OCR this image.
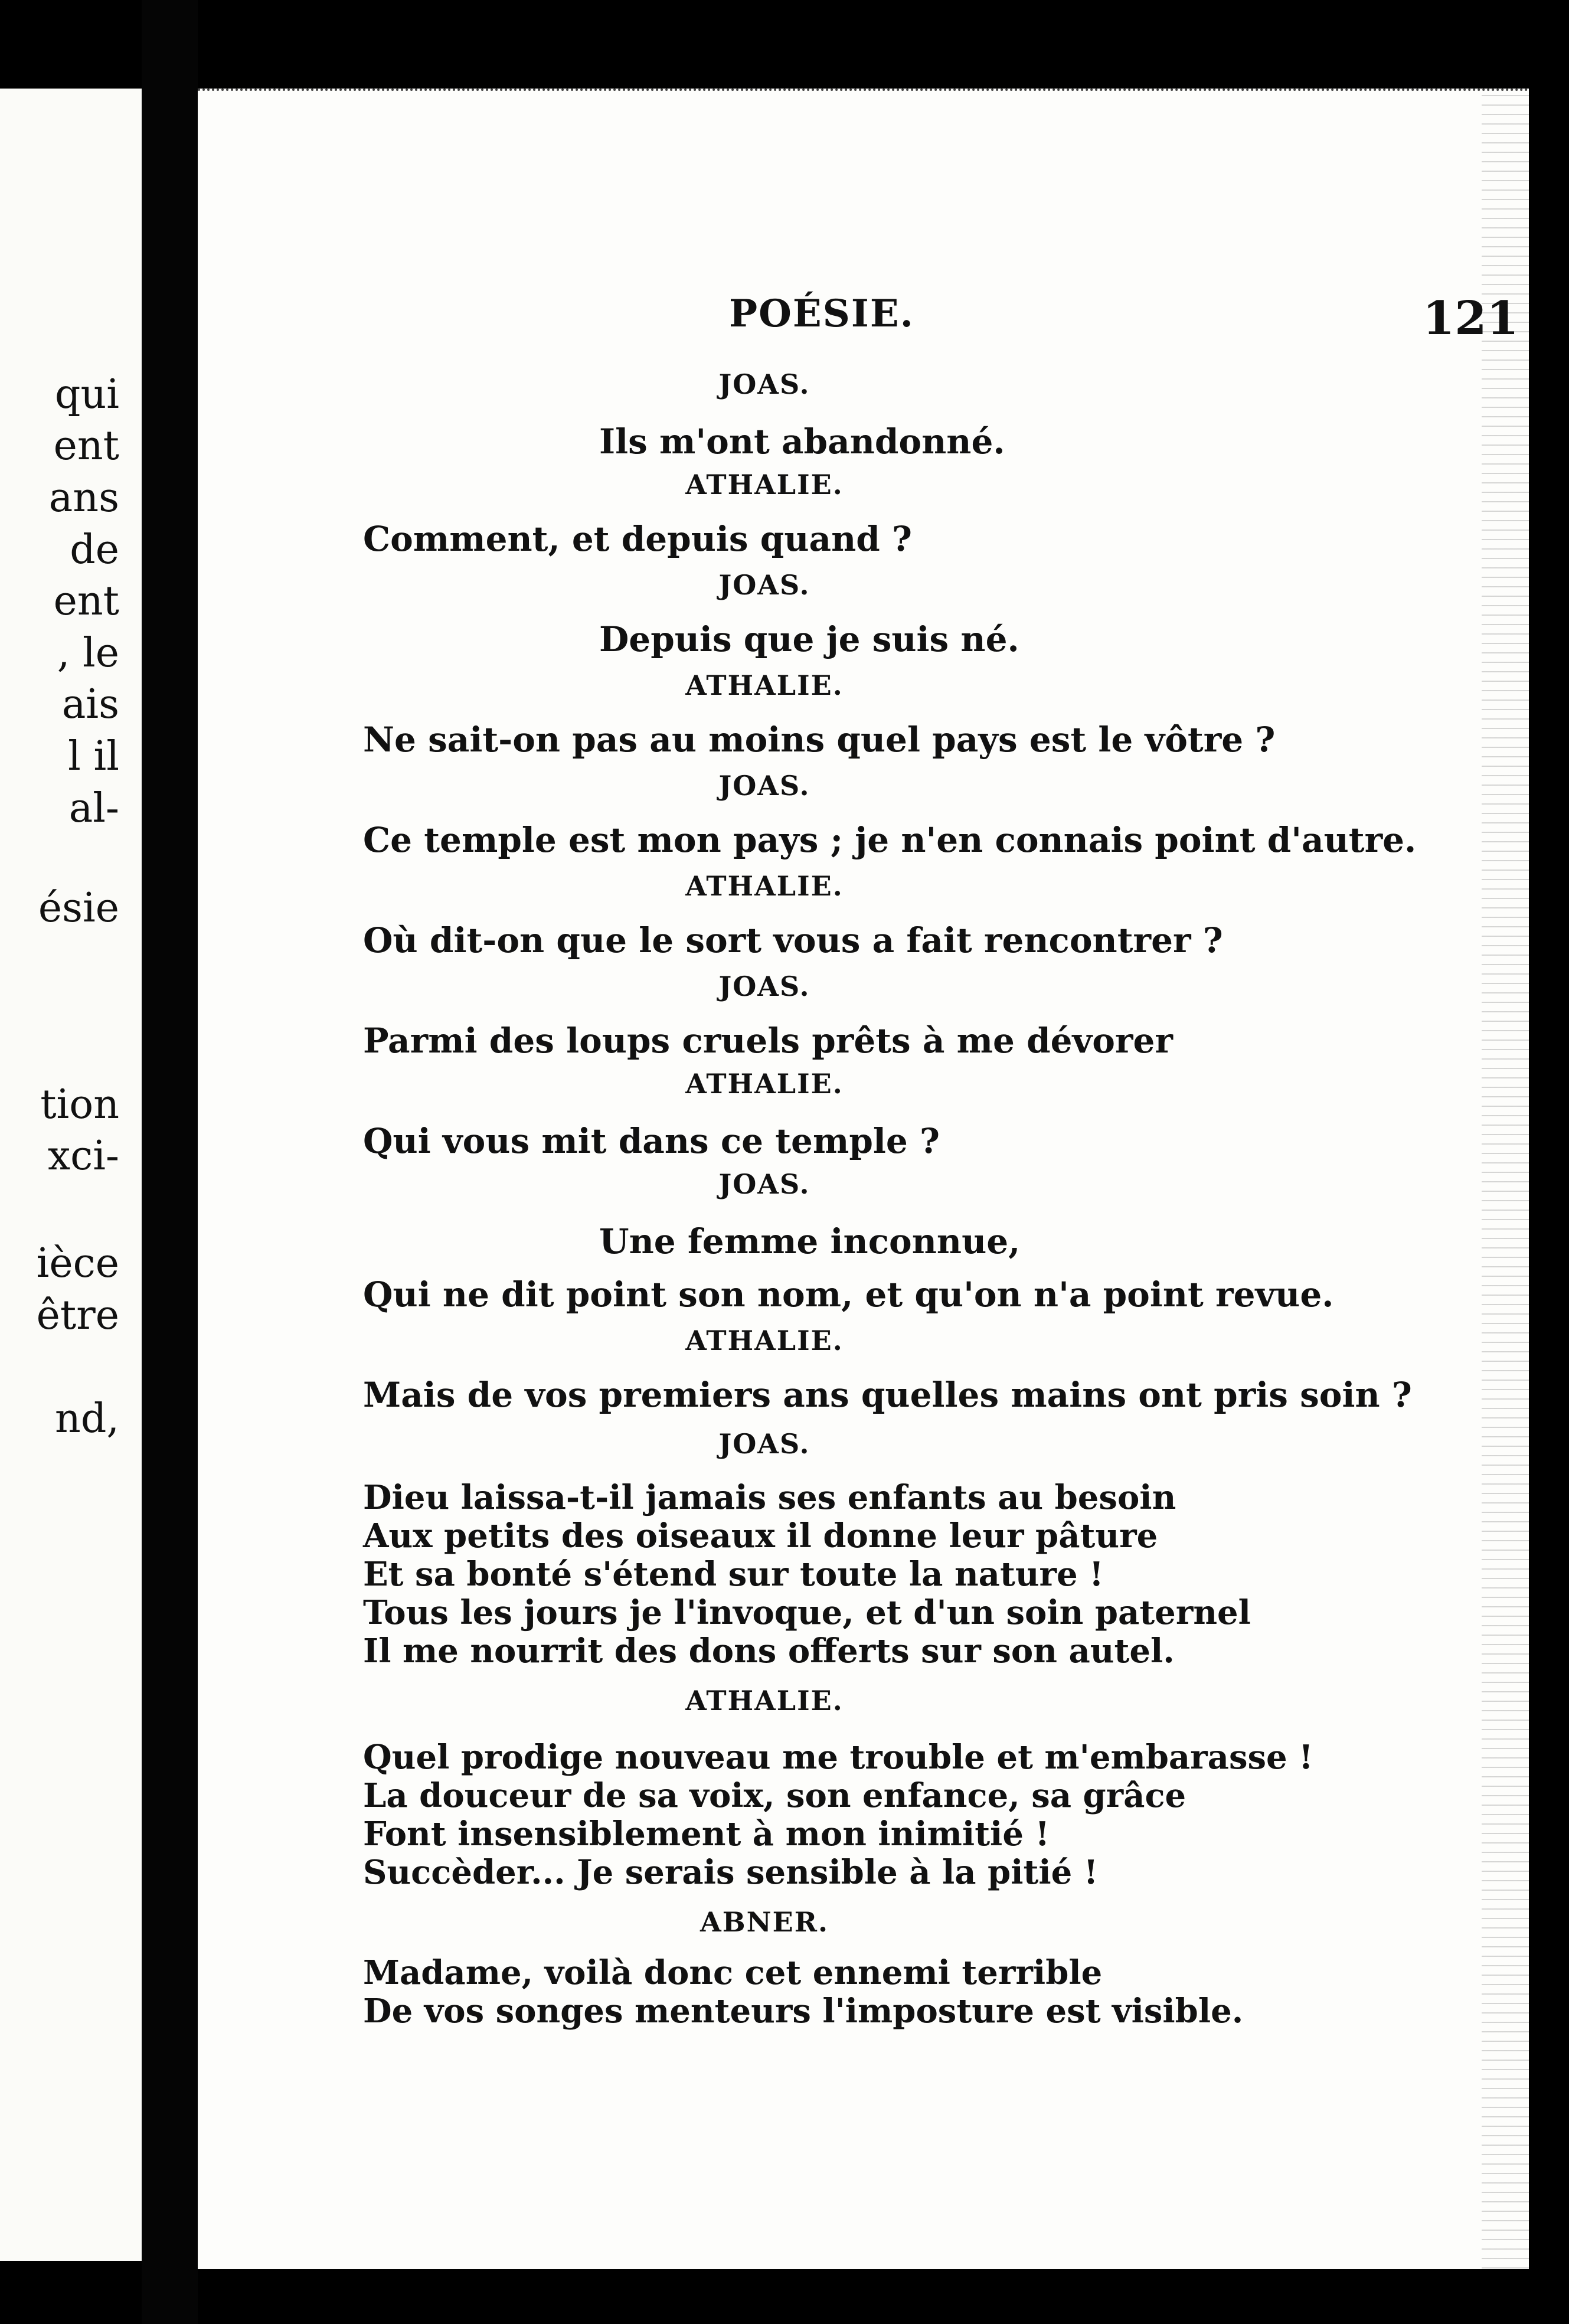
qui
ent
ans
de
ent
, le
ais
l il
al-
ésie
tion
xci-
ièce
être
nd,
POÉSIE.	121
JOAS.
Ils m'ont abandonné.
ATHALIE.
Comment, et depuis quand ?
JOAS.
Depuis que je suis né.
ATHALIE.
Ne sait-on pas au moins quel pays est le vôtre ?
JOAS.
Ce temple est mon pays ; je n'en connais point d'autre.
ATHALIE.
Où dit-on que le sort vous a fait rencontrer ?
JOAS.
Parmi des loups cruels prêts à me dévorer
ATHALIE.
Qui vous mit dans ce temple ?
JOAS.
Une femme inconnue,
Qui ne dit point son nom, et qu'on n'a point revue.
ATHALIE.
Mais de vos premiers ans quelles mains ont pris soin ?
JOAS.
Dieu laissa-t-il jamais ses enfants au besoin
Aux petits des oiseaux il donne leur pâture
Et sa bonté s'étend sur toute la nature !
Tous les jours je l'invoque, et d'un soin paternel
Il me nourrit des dons offerts sur son autel.
ATHALIE.
Quel prodige nouveau me trouble et m'embarasse !
La douceur de sa voix, son enfance, sa grâce
Font insensiblement à mon inimitié !
Succèder... Je serais sensible à la pitié !
ABNER.
Madame, voilà donc cet ennemi terrible
De vos songes menteurs l'imposture est visible.
